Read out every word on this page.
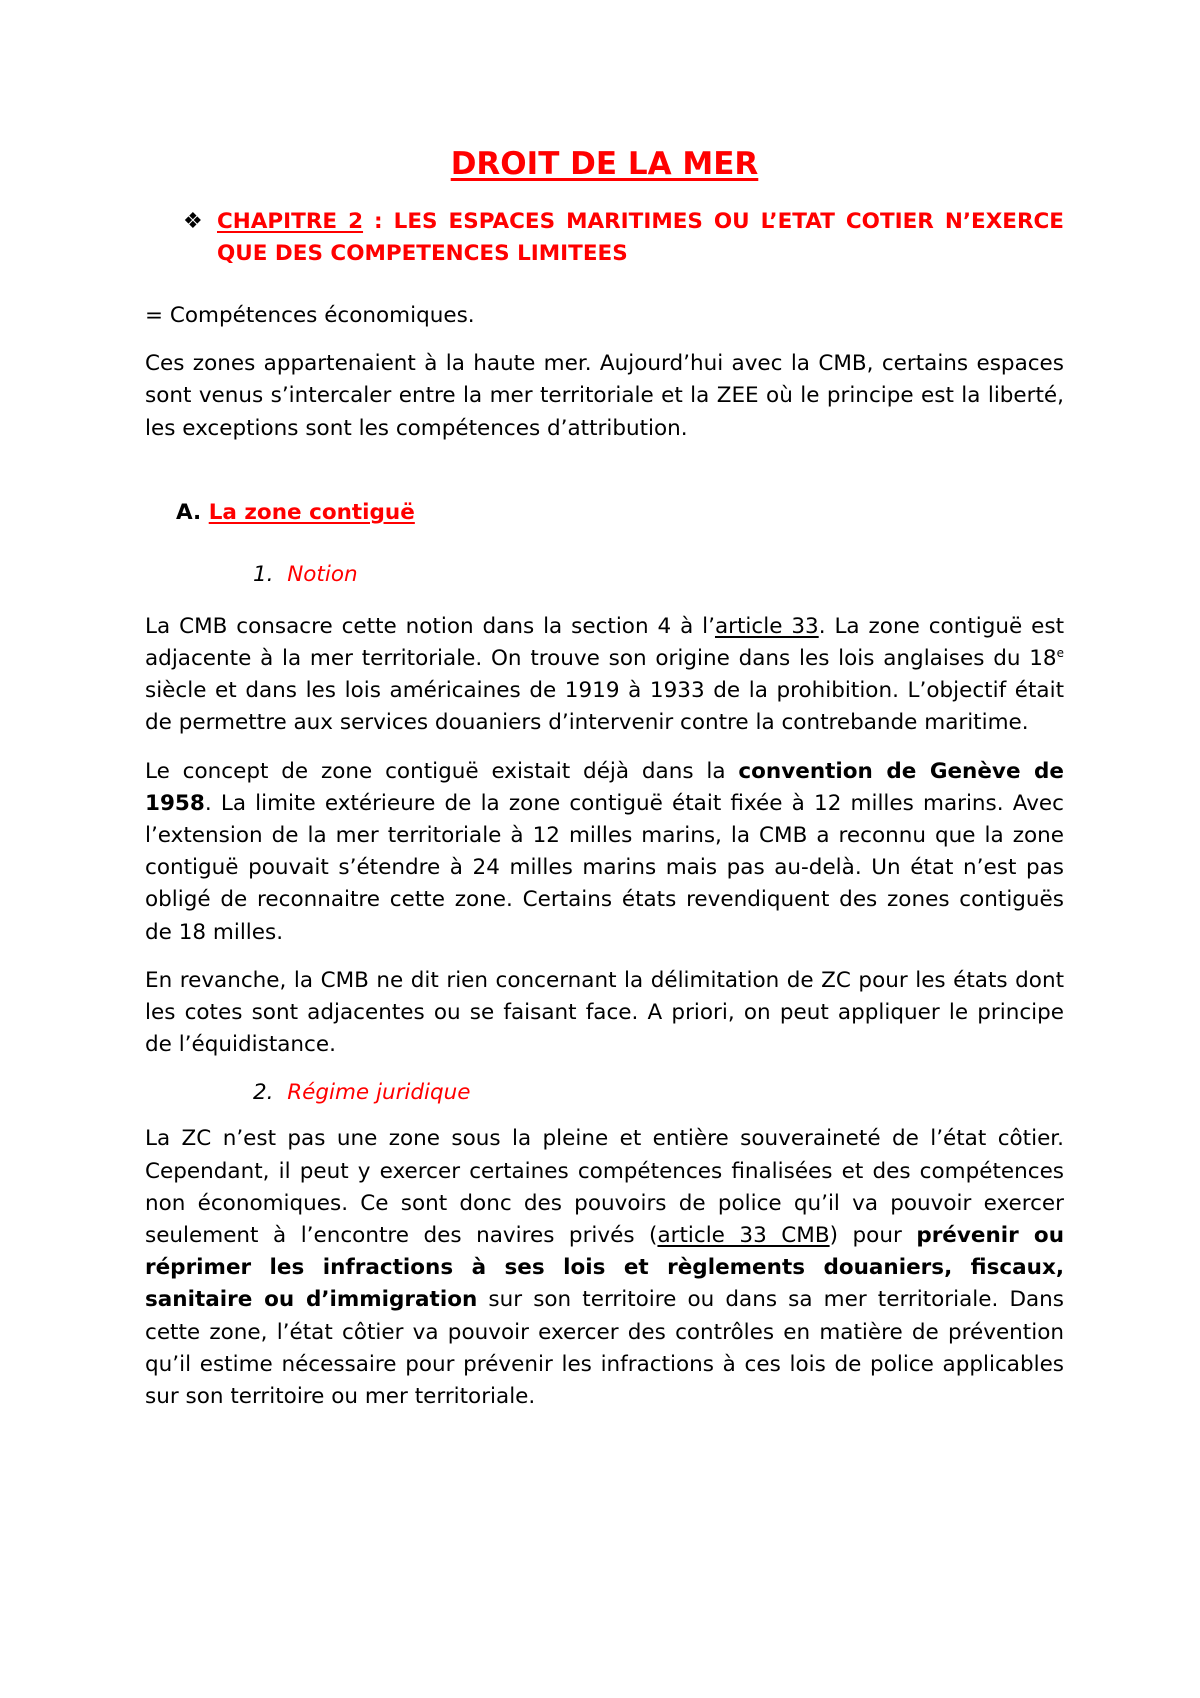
DROIT DE LA MER
❖ CHAPITRE 2 : LES ESPACES MARITIMES OU L’ETAT COTIER N’EXERCE QUE DES COMPETENCES LIMITEES

= Compétences économiques.

Ces zones appartenaient à la haute mer. Aujourd’hui avec la CMB, certains espaces sont venus s’intercaler entre la mer territoriale et la ZEE où le principe est la liberté, les exceptions sont les compétences d’attribution.

A. La zone contiguë
1. Notion

La CMB consacre cette notion dans la section 4 à l’article 33. La zone contiguë est adjacente à la mer territoriale. On trouve son origine dans les lois anglaises du 18e siècle et dans les lois américaines de 1919 à 1933 de la prohibition. L’objectif était de permettre aux services douaniers d’intervenir contre la contrebande maritime.

Le concept de zone contiguë existait déjà dans la convention de Genève de 1958. La limite extérieure de la zone contiguë était fixée à 12 milles marins. Avec l’extension de la mer territoriale à 12 milles marins, la CMB a reconnu que la zone contiguë pouvait s’étendre à 24 milles marins mais pas au-delà. Un état n’est pas obligé de reconnaitre cette zone. Certains états revendiquent des zones contiguës de 18 milles.

En revanche, la CMB ne dit rien concernant la délimitation de ZC pour les états dont les cotes sont adjacentes ou se faisant face. A priori, on peut appliquer le principe de l’équidistance.

2. Régime juridique

La ZC n’est pas une zone sous la pleine et entière souveraineté de l’état côtier. Cependant, il peut y exercer certaines compétences finalisées et des compétences non économiques. Ce sont donc des pouvoirs de police qu’il va pouvoir exercer seulement à l’encontre des navires privés (article 33 CMB) pour prévenir ou réprimer les infractions à ses lois et règlements douaniers, fiscaux, sanitaire ou d’immigration sur son territoire ou dans sa mer territoriale. Dans cette zone, l’état côtier va pouvoir exercer des contrôles en matière de prévention qu’il estime nécessaire pour prévenir les infractions à ces lois de police applicables sur son territoire ou mer territoriale.
